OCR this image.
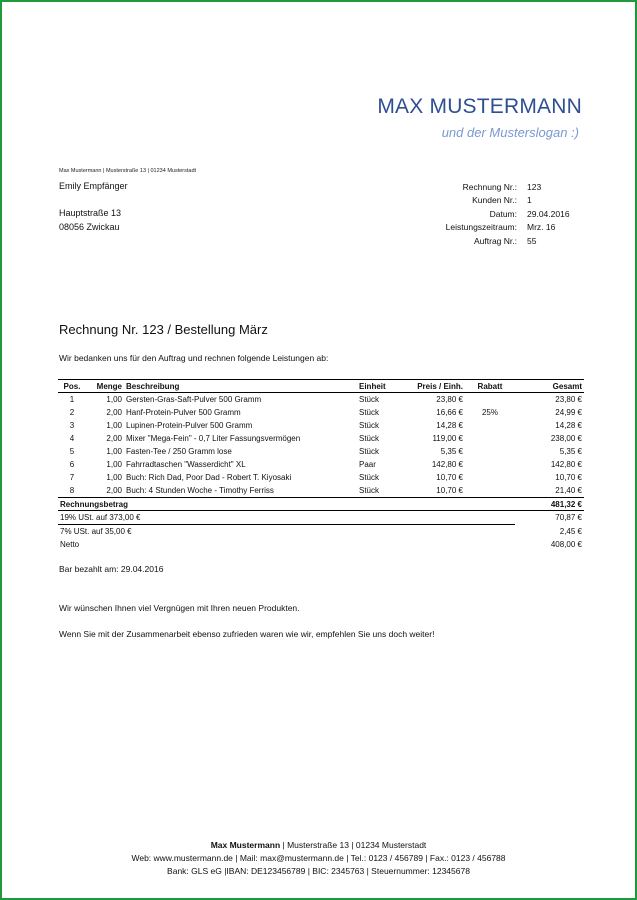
MAX MUSTERMANN
und der Musterslogan :)
Max Mustermann | Musterstraße 13 | 01234 Musterstadt
Emily Empfänger
Hauptstraße 13
08056 Zwickau
Rechnung Nr.: 123
Kunden Nr.: 1
Datum: 29.04.2016
Leistungszeitraum: Mrz. 16
Auftrag Nr.: 55
Rechnung Nr. 123 / Bestellung März
Wir bedanken uns für den Auftrag und rechnen folgende Leistungen ab:
Pos.	Menge	Beschreibung	Einheit	Preis / Einh.	Rabatt	Gesamt
1	1,00	Gersten-Gras-Saft-Pulver 500 Gramm	Stück	23,80 €		23,80 €
2	2,00	Hanf-Protein-Pulver 500 Gramm	Stück	16,66 €	25%	24,99 €
3	1,00	Lupinen-Protein-Pulver 500 Gramm	Stück	14,28 €		14,28 €
4	2,00	Mixer "Mega-Fein" - 0,7 Liter Fassungsvermögen	Stück	119,00 €		238,00 €
5	1,00	Fasten-Tee / 250 Gramm lose	Stück	5,35 €		5,35 €
6	1,00	Fahrradtaschen "Wasserdicht" XL	Paar	142,80 €		142,80 €
7	1,00	Buch: Rich Dad, Poor Dad - Robert T. Kiyosaki	Stück	10,70 €		10,70 €
8	2,00	Buch: 4 Stunden Woche - Timothy Ferriss	Stück	10,70 €		21,40 €
Rechnungsbetrag						481,32 €
19% USt. auf 373,00 €						70,87 €
7% USt. auf 35,00 €						2,45 €
Netto						408,00 €
Bar bezahlt am: 29.04.2016
Wir wünschen Ihnen viel Vergnügen mit Ihren neuen Produkten.
Wenn Sie mit der Zusammenarbeit ebenso zufrieden waren wie wir, empfehlen Sie uns doch weiter!
Max Mustermann | Musterstraße 13 | 01234 Musterstadt
Web: www.mustermann.de | Mail: max@mustermann.de | Tel.: 0123 / 456789 | Fax.: 0123 / 456788
Bank: GLS eG |IBAN: DE123456789 | BIC: 2345763 | Steuernummer: 12345678
